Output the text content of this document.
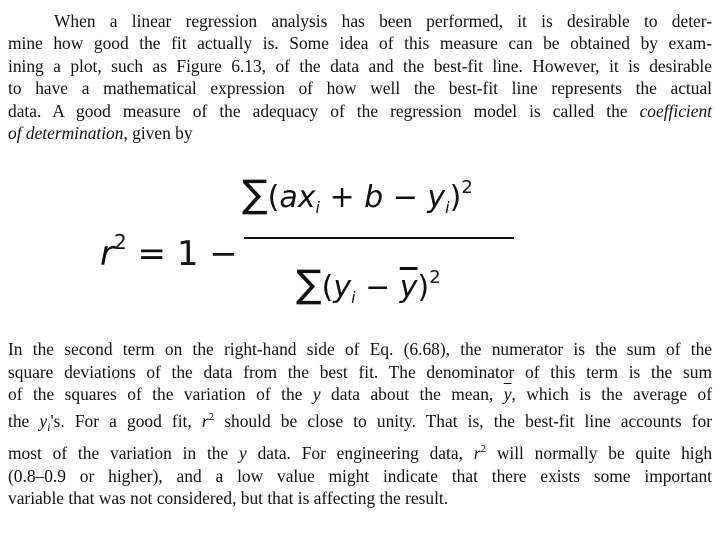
When a linear regression analysis has been performed, it is desirable to deter-
mine how good the fit actually is. Some idea of this measure can be obtained by exam-
ining a plot, such as Figure 6.13, of the data and the best-fit line. However, it is desirable
to have a mathematical expression of how well the best-fit line represents the actual
data. A good measure of the adequacy of the regression model is called the coefficient
of determination, given by
$r^2 = 1$ −
$\sum(ax_i + b - y_i)^2$
$\sum(y_i - \overline{y})^2$
In the second term on the right-hand side of Eq. (6.68), the numerator is the sum of the
square deviations of the data from the best fit. The denominator of this term is the sum
of the squares of the variation of the y data about the mean, $\overline{y}$, which is the average of
the $y_i's$. For a good fit, $r^2$ should be close to unity. That is, the best-fit line accounts for
most of the variation in the y data. For engineering data, $r^2$ will normally be quite high
(0.8–0.9 or higher), and a low value might indicate that there exists some important
variable that was not considered, but that is affecting the result.
